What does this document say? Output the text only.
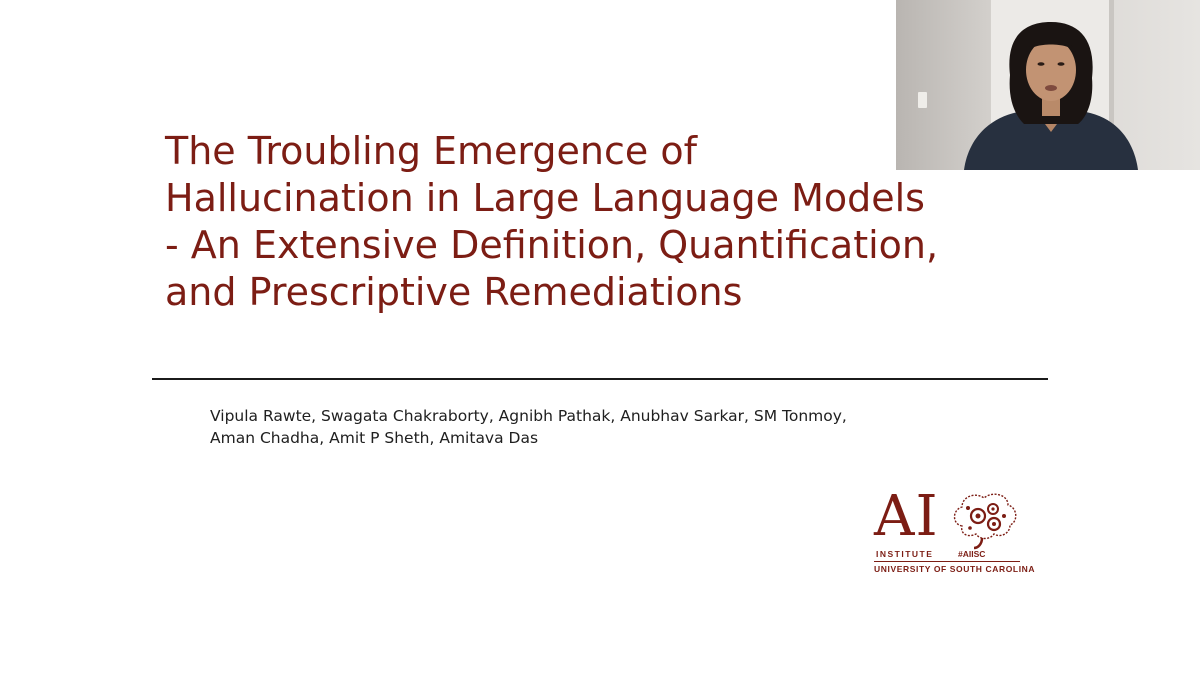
The Troubling Emergence of
Hallucination in Large Language Models
- An Extensive Definition, Quantification,
and Prescriptive Remediations
Vipula Rawte, Swagata Chakraborty, Agnibh Pathak, Anubhav Sarkar, SM Tonmoy,
Aman Chadha, Amit P Sheth, Amitava Das
AI
INSTITUTE	#AIISC
UNIVERSITY OF SOUTH CAROLINA
